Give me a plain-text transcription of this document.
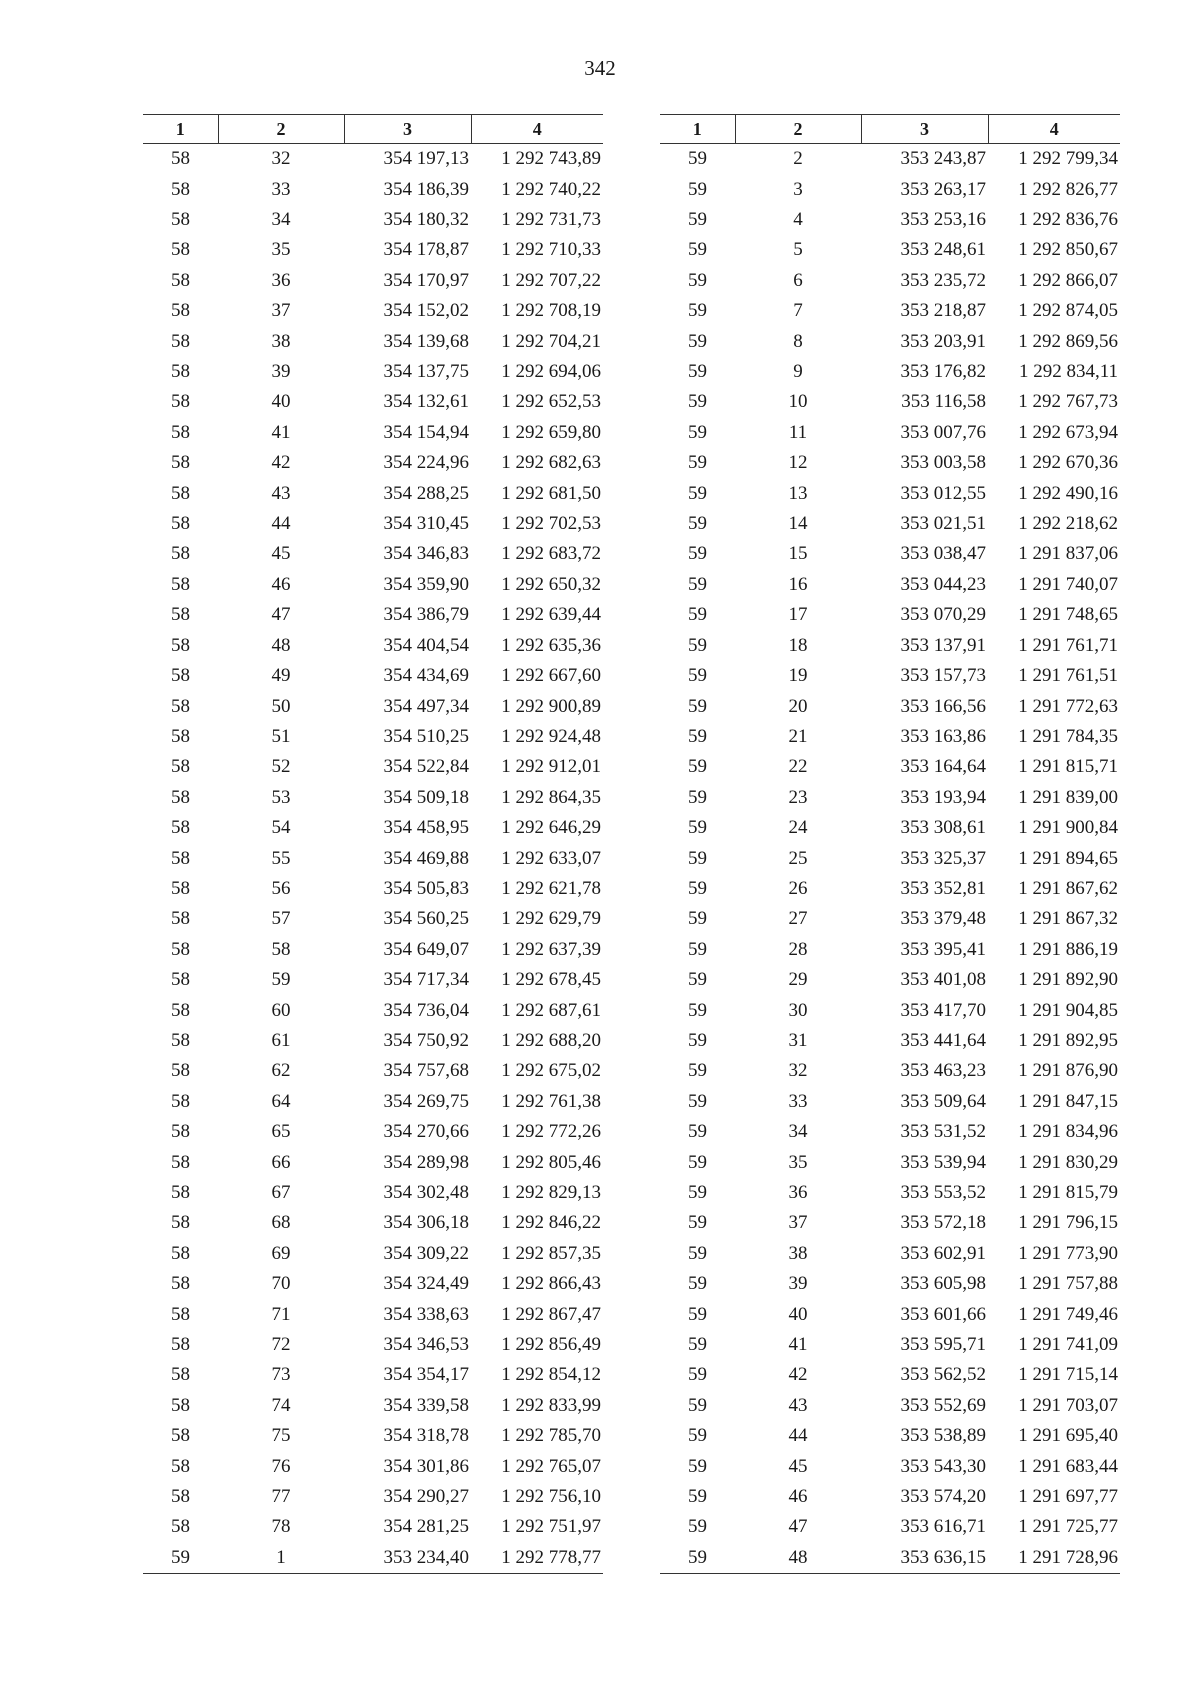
342
1	2	3	4
58	32	354 197,13	1 292 743,89
58	33	354 186,39	1 292 740,22
58	34	354 180,32	1 292 731,73
58	35	354 178,87	1 292 710,33
58	36	354 170,97	1 292 707,22
58	37	354 152,02	1 292 708,19
58	38	354 139,68	1 292 704,21
58	39	354 137,75	1 292 694,06
58	40	354 132,61	1 292 652,53
58	41	354 154,94	1 292 659,80
58	42	354 224,96	1 292 682,63
58	43	354 288,25	1 292 681,50
58	44	354 310,45	1 292 702,53
58	45	354 346,83	1 292 683,72
58	46	354 359,90	1 292 650,32
58	47	354 386,79	1 292 639,44
58	48	354 404,54	1 292 635,36
58	49	354 434,69	1 292 667,60
58	50	354 497,34	1 292 900,89
58	51	354 510,25	1 292 924,48
58	52	354 522,84	1 292 912,01
58	53	354 509,18	1 292 864,35
58	54	354 458,95	1 292 646,29
58	55	354 469,88	1 292 633,07
58	56	354 505,83	1 292 621,78
58	57	354 560,25	1 292 629,79
58	58	354 649,07	1 292 637,39
58	59	354 717,34	1 292 678,45
58	60	354 736,04	1 292 687,61
58	61	354 750,92	1 292 688,20
58	62	354 757,68	1 292 675,02
58	64	354 269,75	1 292 761,38
58	65	354 270,66	1 292 772,26
58	66	354 289,98	1 292 805,46
58	67	354 302,48	1 292 829,13
58	68	354 306,18	1 292 846,22
58	69	354 309,22	1 292 857,35
58	70	354 324,49	1 292 866,43
58	71	354 338,63	1 292 867,47
58	72	354 346,53	1 292 856,49
58	73	354 354,17	1 292 854,12
58	74	354 339,58	1 292 833,99
58	75	354 318,78	1 292 785,70
58	76	354 301,86	1 292 765,07
58	77	354 290,27	1 292 756,10
58	78	354 281,25	1 292 751,97
59	1	353 234,40	1 292 778,77
1	2	3	4
59	2	353 243,87	1 292 799,34
59	3	353 263,17	1 292 826,77
59	4	353 253,16	1 292 836,76
59	5	353 248,61	1 292 850,67
59	6	353 235,72	1 292 866,07
59	7	353 218,87	1 292 874,05
59	8	353 203,91	1 292 869,56
59	9	353 176,82	1 292 834,11
59	10	353 116,58	1 292 767,73
59	11	353 007,76	1 292 673,94
59	12	353 003,58	1 292 670,36
59	13	353 012,55	1 292 490,16
59	14	353 021,51	1 292 218,62
59	15	353 038,47	1 291 837,06
59	16	353 044,23	1 291 740,07
59	17	353 070,29	1 291 748,65
59	18	353 137,91	1 291 761,71
59	19	353 157,73	1 291 761,51
59	20	353 166,56	1 291 772,63
59	21	353 163,86	1 291 784,35
59	22	353 164,64	1 291 815,71
59	23	353 193,94	1 291 839,00
59	24	353 308,61	1 291 900,84
59	25	353 325,37	1 291 894,65
59	26	353 352,81	1 291 867,62
59	27	353 379,48	1 291 867,32
59	28	353 395,41	1 291 886,19
59	29	353 401,08	1 291 892,90
59	30	353 417,70	1 291 904,85
59	31	353 441,64	1 291 892,95
59	32	353 463,23	1 291 876,90
59	33	353 509,64	1 291 847,15
59	34	353 531,52	1 291 834,96
59	35	353 539,94	1 291 830,29
59	36	353 553,52	1 291 815,79
59	37	353 572,18	1 291 796,15
59	38	353 602,91	1 291 773,90
59	39	353 605,98	1 291 757,88
59	40	353 601,66	1 291 749,46
59	41	353 595,71	1 291 741,09
59	42	353 562,52	1 291 715,14
59	43	353 552,69	1 291 703,07
59	44	353 538,89	1 291 695,40
59	45	353 543,30	1 291 683,44
59	46	353 574,20	1 291 697,77
59	47	353 616,71	1 291 725,77
59	48	353 636,15	1 291 728,96
